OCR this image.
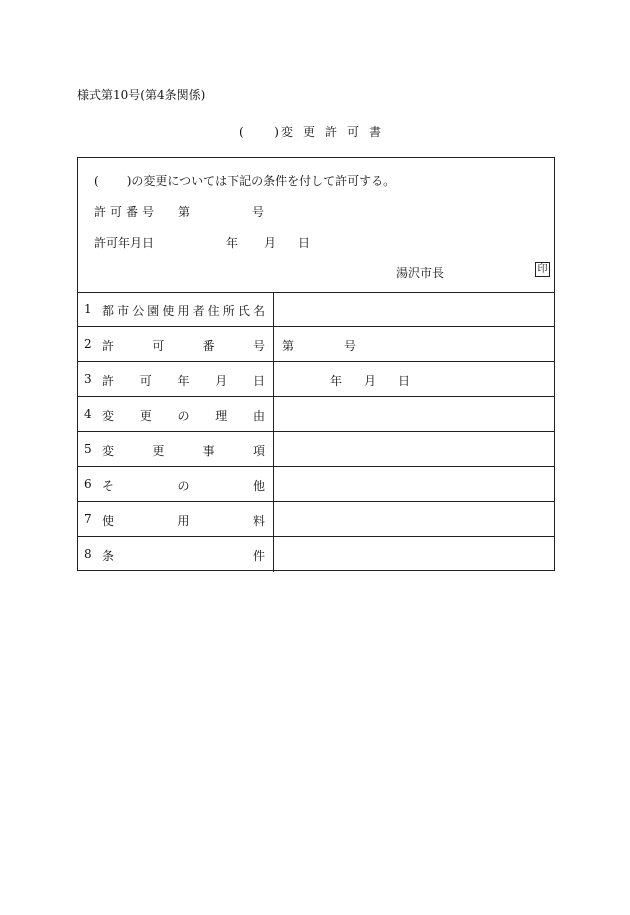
様式第10号(第4条関係)
(	) 変更許可書
( )の変更については下記の条件を付して許可する。
許可番号 第	号
許可年月日	年 月 日
湯沢市長	印
1 都 市 公 園 使 用 者 住 所 氏 名
2 許	可	番	号 第	号
3 許 可 年 月 日	年 月 日
4 変 更 の 理 由
5 変	更	事	項
6 そ	の	他
7 使	用	料
8 条	件
